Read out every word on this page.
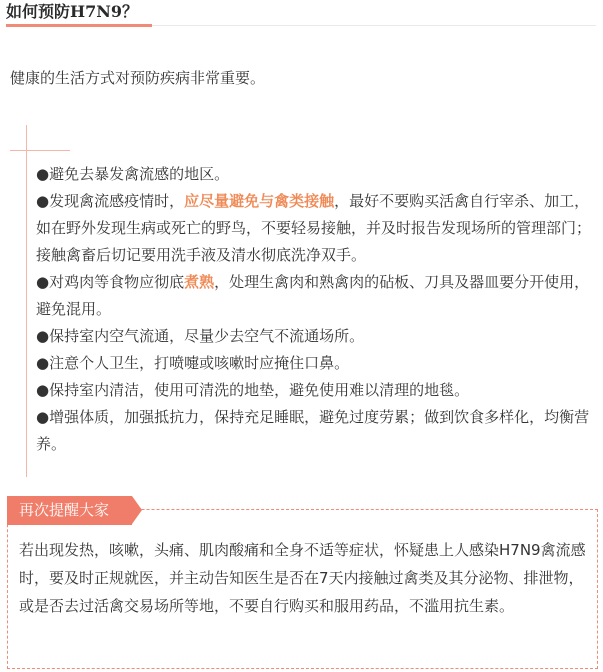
如何预防H7N9？

健康的生活方式对预防疾病非常重要。

●避免去暴发禽流感的地区。
●发现禽流感疫情时，应尽量避免与禽类接触，最好不要购买活禽自行宰杀、加工，如在野外发现生病或死亡的野鸟，不要轻易接触，并及时报告发现场所的管理部门；接触禽畜后切记要用洗手液及清水彻底洗净双手。
●对鸡肉等食物应彻底煮熟，处理生禽肉和熟禽肉的砧板、刀具及器皿要分开使用，避免混用。
●保持室内空气流通，尽量少去空气不流通场所。
●注意个人卫生，打喷嚏或咳嗽时应掩住口鼻。
●保持室内清洁，使用可清洗的地垫，避免使用难以清理的地毯。
●增强体质，加强抵抗力，保持充足睡眠，避免过度劳累；做到饮食多样化，均衡营养。
再次提醒大家

若出现发热，咳嗽，头痛、肌肉酸痛和全身不适等症状，怀疑患上人感染H7N9禽流感时，要及时正规就医，并主动告知医生是否在7天内接触过禽类及其分泌物、排泄物，或是否去过活禽交易场所等地，不要自行购买和服用药品，不滥用抗生素。
